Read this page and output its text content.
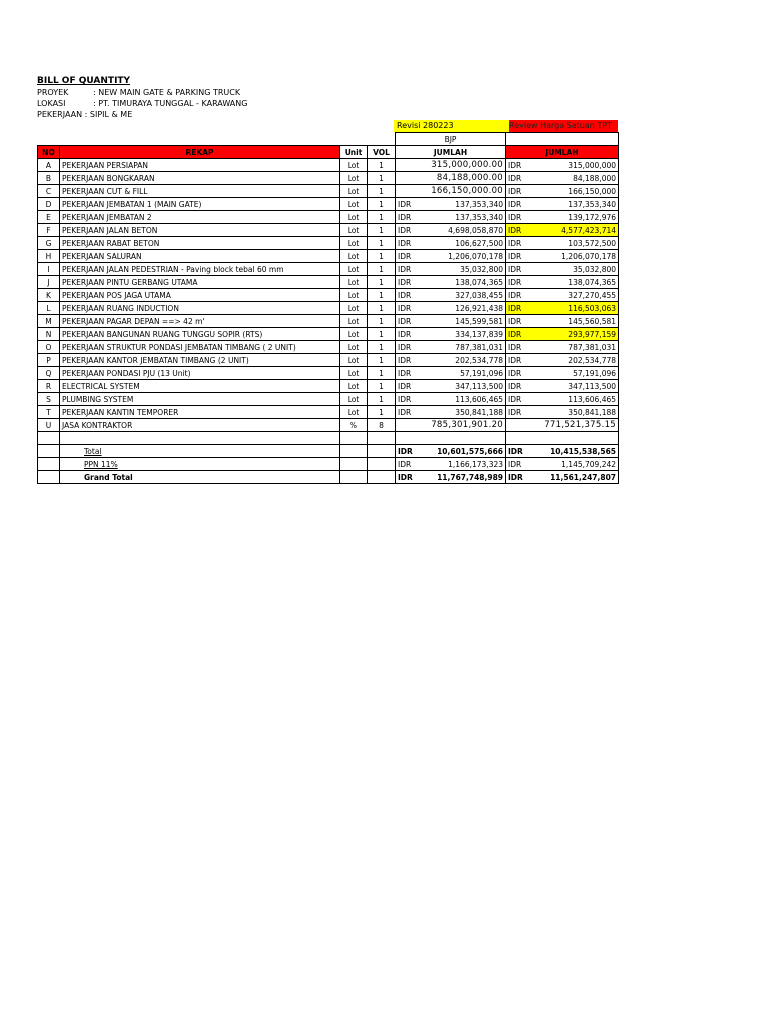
BILL OF QUANTITY
PROYEK	: NEW MAIN GATE & PARKING TRUCK
LOKASI	: PT. TIMURAYA TUNGGAL - KARAWANG
PEKERJAAN : SIPIL & ME
Revisi 280223	Review Harga Satuan TPT
				BJP			
NO	REKAP	Unit	VOL	JUMLAH		JUMLAH	
A	PEKERJAAN PERSIAPAN	Lot	1	315,000,000.00		IDR	315,000,000
B	PEKERJAAN BONGKARAN	Lot	1	84,188,000.00		IDR	84,188,000
C	PEKERJAAN CUT & FILL	Lot	1	166,150,000.00		IDR	166,150,000
D	PEKERJAAN JEMBATAN 1 (MAIN GATE)	Lot	1	IDR	137,353,340	IDR	137,353,340
E	PEKERJAAN JEMBATAN 2	Lot	1	IDR	137,353,340	IDR	139,172,976
F	PEKERJAAN JALAN BETON	Lot	1	IDR	4,698,058,870	IDR	4,577,423,714
G	PEKERJAAN RABAT BETON	Lot	1	IDR	106,627,500	IDR	103,572,500
H	PEKERJAAN SALURAN	Lot	1	IDR	1,206,070,178	IDR	1,206,070,178
I	PEKERJAAN JALAN PEDESTRIAN - Paving block tebal 60 mm	Lot	1	IDR	35,032,800	IDR	35,032,800
J	PEKERJAAN PINTU GERBANG UTAMA	Lot	1	IDR	138,074,365	IDR	138,074,365
K	PEKERJAAN POS JAGA UTAMA	Lot	1	IDR	327,038,455	IDR	327,270,455
L	PEKERJAAN RUANG INDUCTION	Lot	1	IDR	126,921,438	IDR	116,503,063
M	PEKERJAAN PAGAR DEPAN ==> 42 m'	Lot	1	IDR	145,599,581	IDR	145,560,581
N	PEKERJAAN BANGUNAN RUANG TUNGGU SOPIR (RTS)	Lot	1	IDR	334,137,839	IDR	293,977,159
O	PEKERJAAN STRUKTUR PONDASI JEMBATAN TIMBANG ( 2 UNIT)	Lot	1	IDR	787,381,031	IDR	787,381,031
P	PEKERJAAN KANTOR JEMBATAN TIMBANG (2 UNIT)	Lot	1	IDR	202,534,778	IDR	202,534,778
Q	PEKERJAAN PONDASI PJU (13 Unit)	Lot	1	IDR	57,191,096	IDR	57,191,096
R	ELECTRICAL SYSTEM	Lot	1	IDR	347,113,500	IDR	347,113,500
S	PLUMBING SYSTEM	Lot	1	IDR	113,606,465	IDR	113,606,465
T	PEKERJAAN KANTIN TEMPORER	Lot	1	IDR	350,841,188	IDR	350,841,188
U	JASA KONTRAKTOR	%	8	785,301,901.20		771,521,375.15	

	Total			IDR	10,601,575,666	IDR	10,415,538,565
	PPN 11%			IDR	1,166,173,323	IDR	1,145,709,242
	Grand Total			IDR	11,767,748,989	IDR	11,561,247,807
